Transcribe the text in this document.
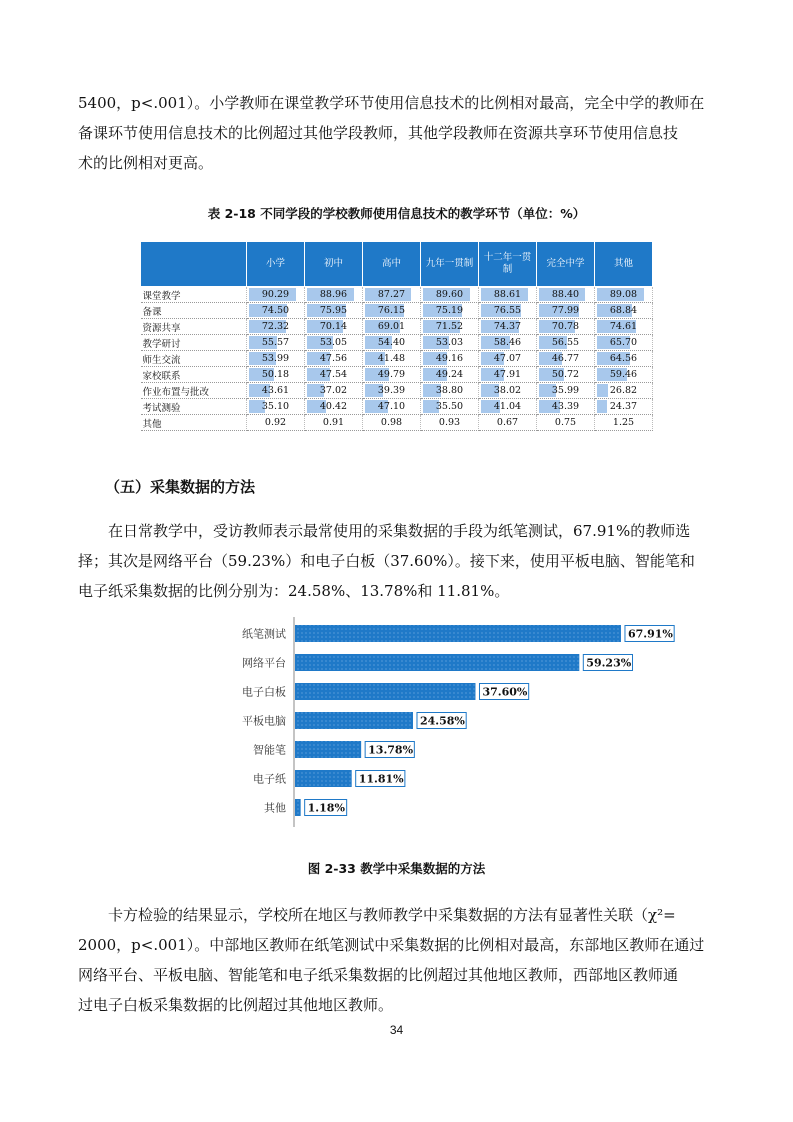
5400，p<.001）。小学教师在课堂教学环节使用信息技术的比例相对最高，完全中学的教师在

备课环节使用信息技术的比例超过其他学段教师，其他学段教师在资源共享环节使用信息技

术的比例相对更高。

表 2-18 不同学段的学校教师使用信息技术的教学环节（单位：%）
	小学	初中	高中	九年一贯制	十二年一贯制	完全中学	其他
课堂教学	90.29	88.96	87.27	89.60	88.61	88.40	89.08

备课	74.50	75.95	76.15	75.19	76.55	77.99	68.84

资源共享	72.32	70.14	69.01	71.52	74.37	70.78	74.61

教学研讨	55.57	53.05	54.40	53.03	58.46	56.55	65.70

师生交流	53.99	47.56	41.48	49.16	47.07	46.77	64.56

家校联系	50.18	47.54	49.79	49.24	47.91	50.72	59.46

作业布置与批改	43.61	37.02	39.39	38.80	38.02	35.99	26.82

考试测验	35.10	40.42	47.10	35.50	41.04	43.39	24.37

其他	0.92	0.91	0.98	0.93	0.67	0.75	1.25
（五）采集数据的方法

在日常教学中，受访教师表示最常使用的采集数据的手段为纸笔测试，67.91%的教师选

择；其次是网络平台（59.23%）和电子白板（37.60%）。接下来，使用平板电脑、智能笔和

电子纸采集数据的比例分别为：24.58%、13.78%和 11.81%。

纸笔测试	67.91%
网络平台	59.23%
电子白板	37.60%
平板电脑	24.58%
智能笔	13.78%
电子纸	11.81%
其他 1.18%
图 2-33 教学中采集数据的方法

卡方检验的结果显示，学校所在地区与教师教学中采集数据的方法有显著性关联（χ²=

2000，p<.001）。中部地区教师在纸笔测试中采集数据的比例相对最高，东部地区教师在通过

网络平台、平板电脑、智能笔和电子纸采集数据的比例超过其他地区教师，西部地区教师通

过电子白板采集数据的比例超过其他地区教师。

34
